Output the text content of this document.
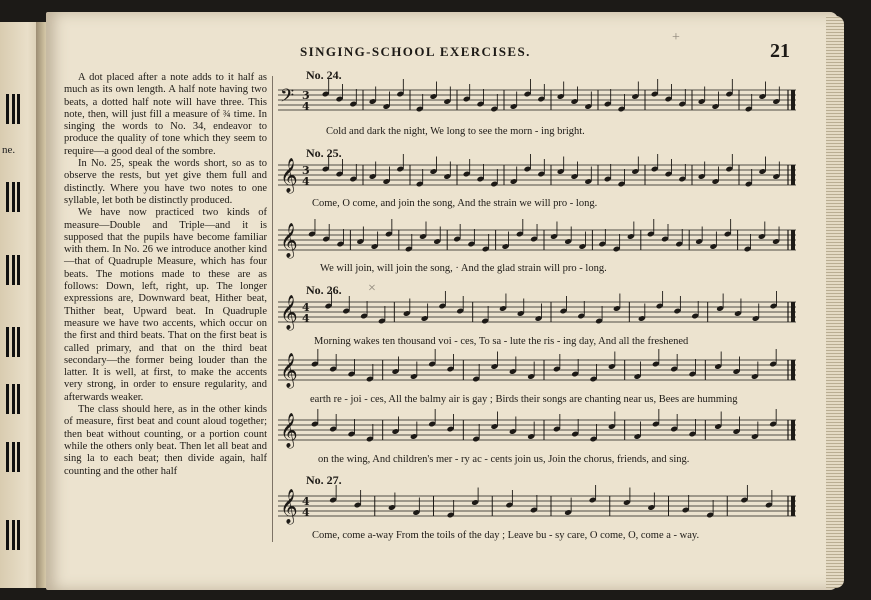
ne.
SINGING-SCHOOL EXERCISES.	21
+

A dot placed after a note adds to it half as much as its own length. A half note having two beats, a dotted half note will have three. This note, then, will just fill a measure of ¾ time. In singing the words to No. 34, endeavor to produce the quality of tone which they seem to require—a good deal of the sombre.

In No. 25, speak the words short, so as to observe the rests, but yet give them full and distinctly. Where you have two notes to one syllable, let both be distinctly produced.

We have now practiced two kinds of measure—Double and Triple—and it is supposed that the pupils have become familiar with them. In No. 26 we introduce another kind—that of Quadruple Measure, which has four beats. The motions made to these are as follows: Down, left, right, up. The longer expressions are, Downward beat, Hither beat, Thither beat, Upward beat. In Quadruple measure we have two accents, which occur on the first and third beats. That on the first beat is called primary, and that on the third beat secondary—the former being louder than the latter. It is well, at first, to make the accents very strong, in order to ensure regularity, and afterwards weaker.

The class should here, as in the other kinds of measure, first beat and count aloud together; then beat without counting, or a portion count while the others only beat. Then let all beat and sing la to each beat; then divide again, half counting and the other half

No. 24.
No. 25.
No. 26.
No. 27.
×
Cold and dark the night, We long to see the morn - ing bright.
Come, O come, and join the song, And the strain we will pro - long.
We will join, will join the song, · And the glad strain will pro - long.
Morning wakes ten thousand voi - ces, To sa - lute the ris - ing day, And all the freshened
earth re - joi - ces, All the balmy air is gay ; Birds their songs are chanting near us, Bees are humming
on the wing, And children's mer - ry ac - cents join us, Join the chorus, friends, and sing.
Come, come a-way From the toils of the day ; Leave bu - sy care, O come, O, come a - way.
𝄢 3
4
𝄞 3
4
𝄞
𝄞 4
4
𝄞
𝄞
𝄞 4
4
